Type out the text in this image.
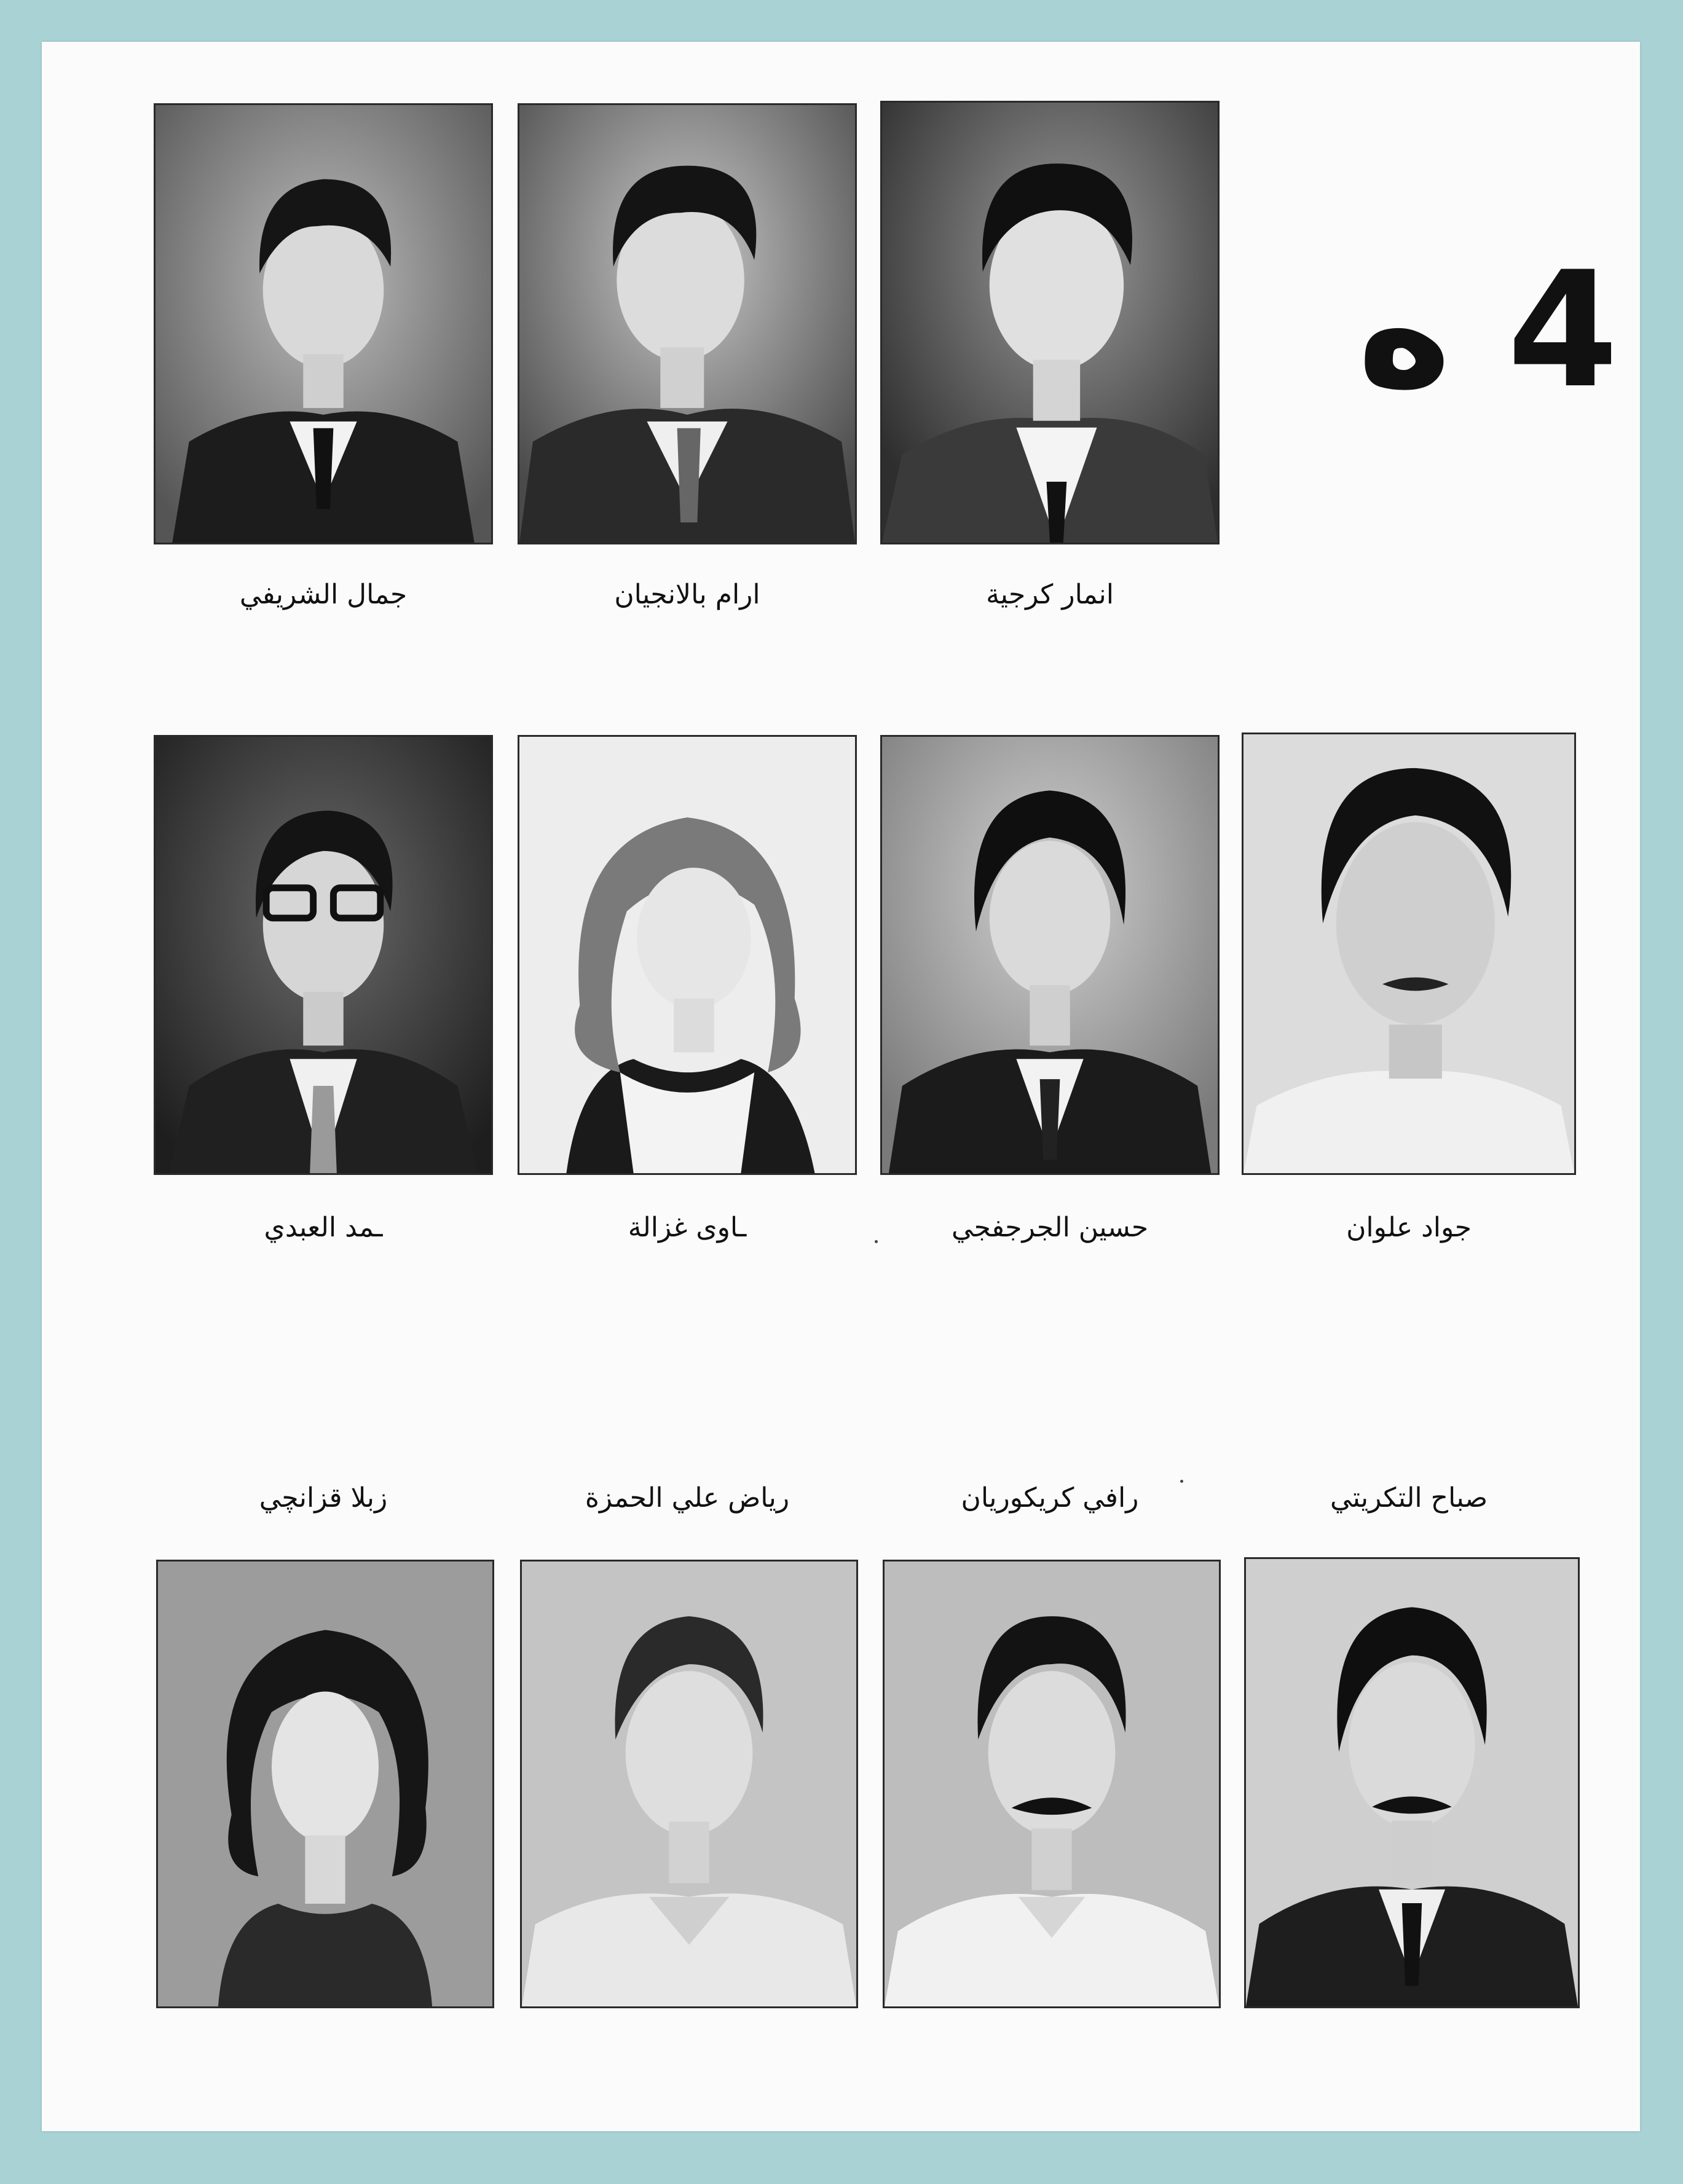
4 ه
جمال الشريفي	ارام بالانجيان	انمار كرجية
ـمد العبدي	ـاوى غزالة	حسين الجرجفجي	جواد علوان
زبلا قزانچي	رياض علي الحمزة	رافي كريكوريان	صباح التكريتي
